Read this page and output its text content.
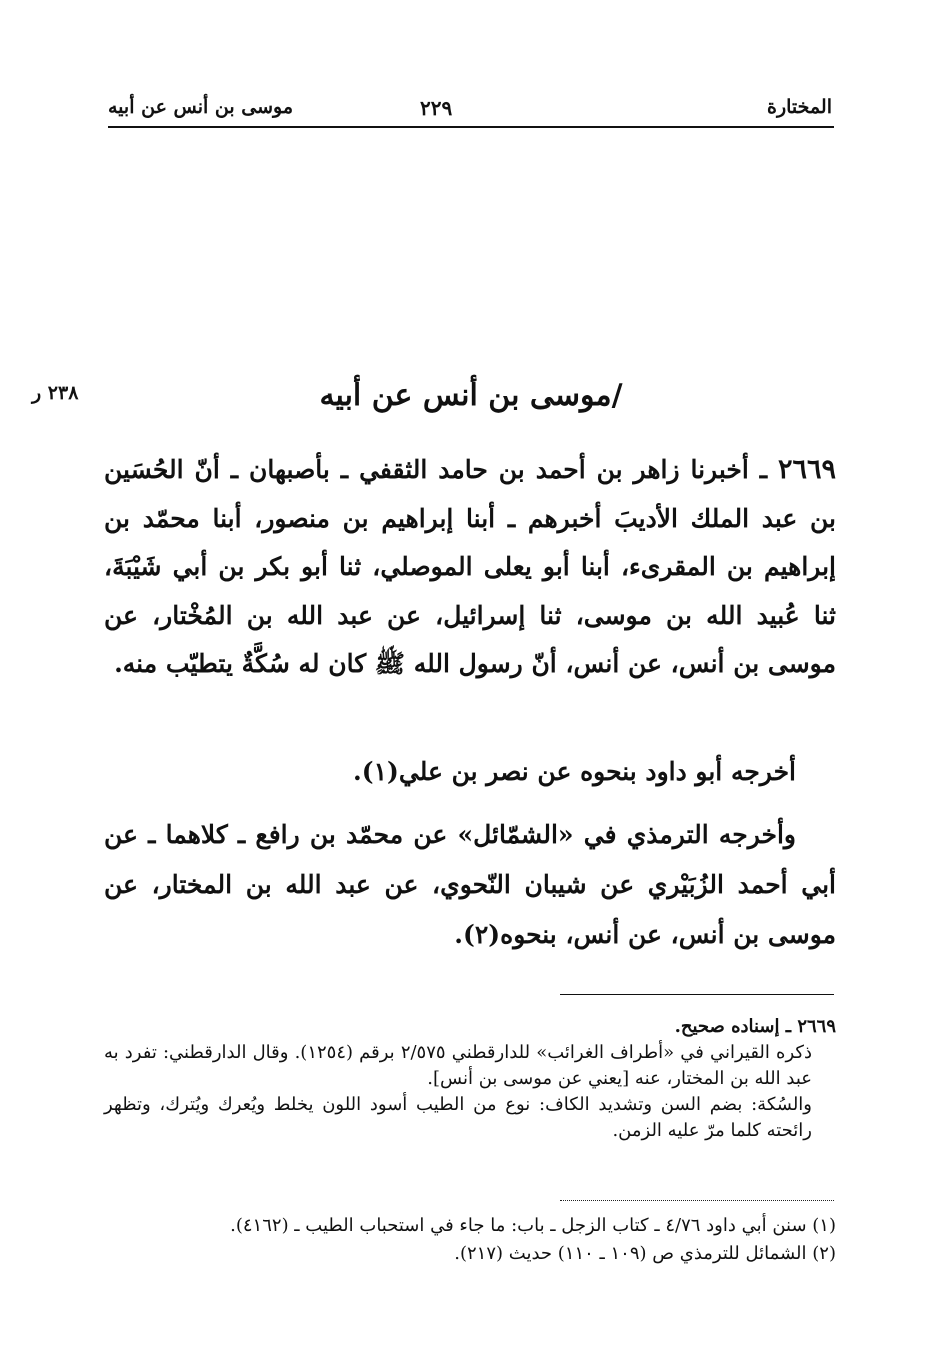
المختارة
٢٢٩
موسى بن أنس عن أبيه
/موسى بن أنس عن أبيه
٢٣٨ ر
٢٦٦٩ ـ أخبرنا زاهر بن أحمد بن حامد الثقفي ـ بأصبهان ـ أنّ الحُسَين بن عبد الملك الأديبَ أخبرهم ـ أبنا إبراهيم بن منصور، أبنا محمّد بن إبراهيم بن المقرىء، أبنا أبو يعلى الموصلي، ثنا أبو بكر بن أبي شَيْبَةَ، ثنا عُبيد الله بن موسى، ثنا إسرائيل، عن عبد الله بن المُخْتار، عن موسى بن أنس، عن أنس، أنّ رسول الله ﷺ كان له سُكَّةٌ يتطيّب منه.
أخرجه أبو داود بنحوه عن نصر بن علي(١).
وأخرجه الترمذي في «الشمّائل» عن محمّد بن رافع ـ كلاهما ـ عن أبي أحمد الزُبَيْري عن شيبان النّحوي، عن عبد الله بن المختار، عن موسى بن أنس، عن أنس، بنحوه(٢).

٢٦٦٩ ـ إسناده صحيح.

ذكره القيراني في «أطراف الغرائب» للدارقطني ٢/٥٧٥ برقم (١٢٥٤). وقال الدارقطني: تفرد به عبد الله بن المختار، عنه [يعني عن موسى بن أنس].

والسُكة: بضم السن وتشديد الكاف: نوع من الطيب أسود اللون يخلط ويُعرك ويُترك، وتظهر رائحته كلما مرّ عليه الزمن.

(١) سنن أبي داود ٤/٧٦ ـ كتاب الزجل ـ باب: ما جاء في استحباب الطيب ـ (٤١٦٢).

(٢) الشمائل للترمذي ص (١٠٩ ـ ١١٠) حديث (٢١٧).
